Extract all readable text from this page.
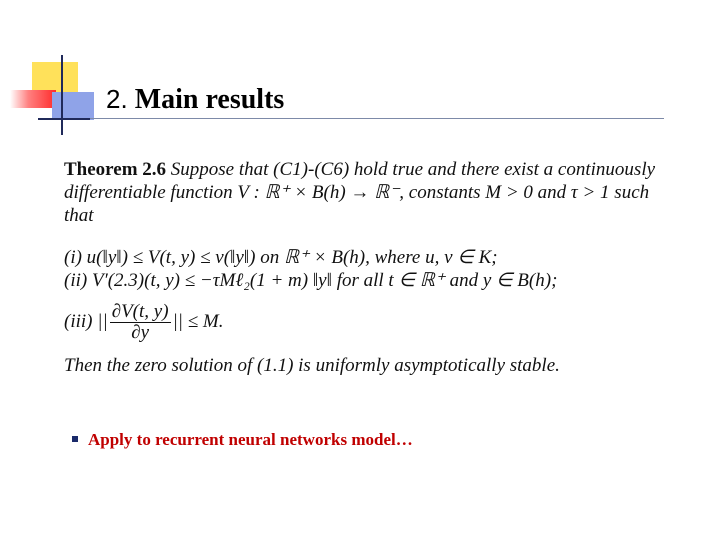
2. Main results
Theorem 2.6 Suppose that (C1)-(C6) hold true and there exist a continuously differentiable function V : ℝ⁺ × B(h) → ℝ⁻, constants M > 0 and τ > 1 such that
(i) u(‖y‖) ≤ V(t, y) ≤ v(‖y‖) on ℝ⁺ × B(h), where u, v ∈ K;
(ii) V′(2.3)(t, y) ≤ −τMℓ₂(1 + m) ‖y‖ for all t ∈ ℝ⁺ and y ∈ B(h);
(iii) || $\frac{\partial V(t, y)}{\partial y}$ || ≤ M.
Then the zero solution of (1.1) is uniformly asymptotically stable.
Apply to recurrent neural networks model…
